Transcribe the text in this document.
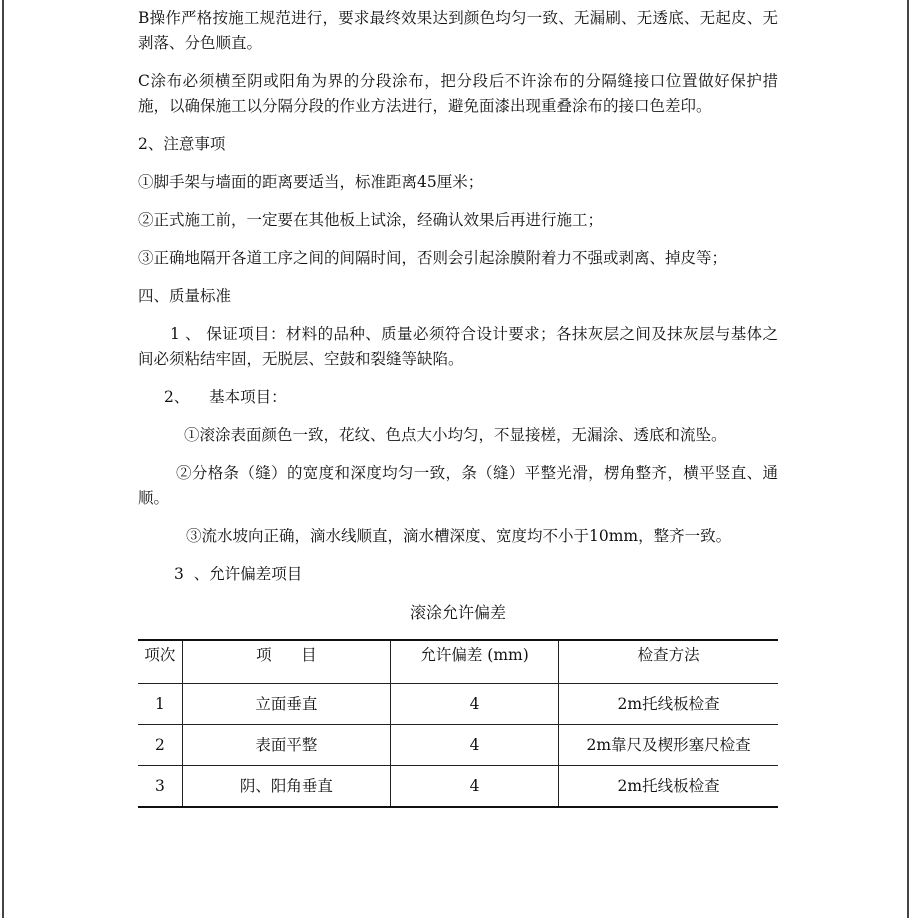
B操作严格按施工规范进行，要求最终效果达到颜色均匀一致、无漏刷、无透底、无起皮、无剥落、分色顺直。

C涂布必须横至阴或阳角为界的分段涂布，把分段后不许涂布的分隔缝接口位置做好保护措施，以确保施工以分隔分段的作业方法进行，避免面漆出现重叠涂布的接口色差印。

2、注意事项

①脚手架与墙面的距离要适当，标准距离45厘米；

②正式施工前，一定要在其他板上试涂，经确认效果后再进行施工；

③正确地隔开各道工序之间的间隔时间，否则会引起涂膜附着力不强或剥离、掉皮等；

四、质量标准

1 、 保证项目：材料的品种、质量必须符合设计要求；各抹灰层之间及抹灰层与基体之间必须粘结牢固，无脱层、空鼓和裂缝等缺陷。

2、    基本项目：

①滚涂表面颜色一致，花纹、色点大小均匀，不显接槎，无漏涂、透底和流坠。

②分格条（缝）的宽度和深度均匀一致，条（缝）平整光滑，楞角整齐，横平竖直、通顺。

③流水坡向正确，滴水线顺直，滴水槽深度、宽度均不小于10mm，整齐一致。

3  、允许偏差项目

滚涂允许偏差
项次	项      目	允许偏差 (mm)	检查方法
1	立面垂直	4	2m托线板检查
2	表面平整	4	2m靠尺及楔形塞尺检查
3	阴、阳角垂直	4	2m托线板检查
